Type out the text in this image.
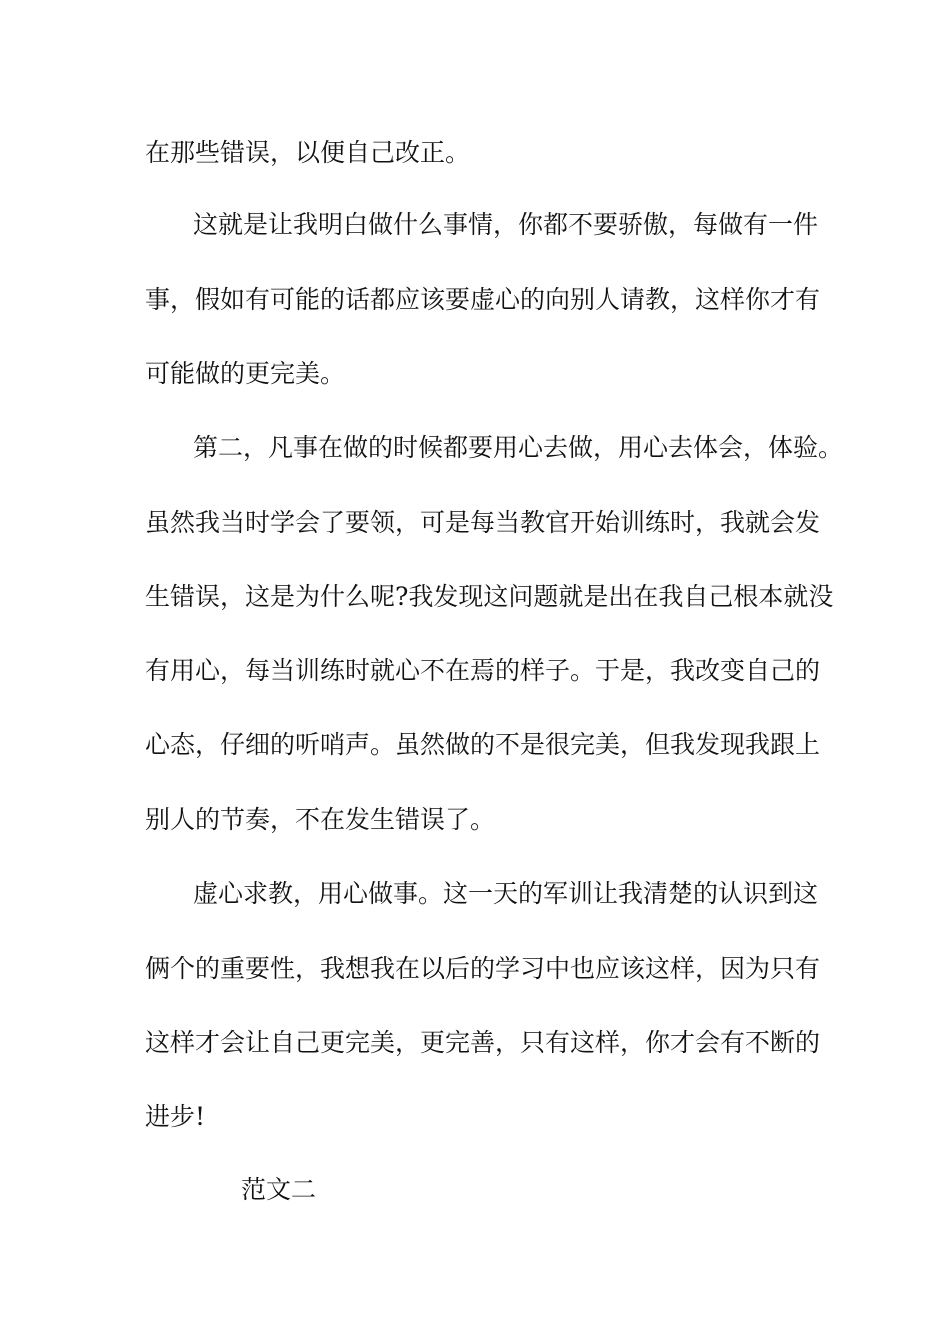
在那些错误，以便自己改正。

这就是让我明白做什么事情，你都不要骄傲，每做有一件

事，假如有可能的话都应该要虚心的向别人请教，这样你才有

可能做的更完美。

第二，凡事在做的时候都要用心去做，用心去体会，体验。

虽然我当时学会了要领，可是每当教官开始训练时，我就会发

生错误，这是为什么呢?我发现这问题就是出在我自己根本就没

有用心，每当训练时就心不在焉的样子。于是，我改变自己的

心态，仔细的听哨声。虽然做的不是很完美，但我发现我跟上

别人的节奏，不在发生错误了。

虚心求教，用心做事。这一天的军训让我清楚的认识到这

俩个的重要性，我想我在以后的学习中也应该这样，因为只有

这样才会让自己更完美，更完善，只有这样，你才会有不断的

进步!

范文二
